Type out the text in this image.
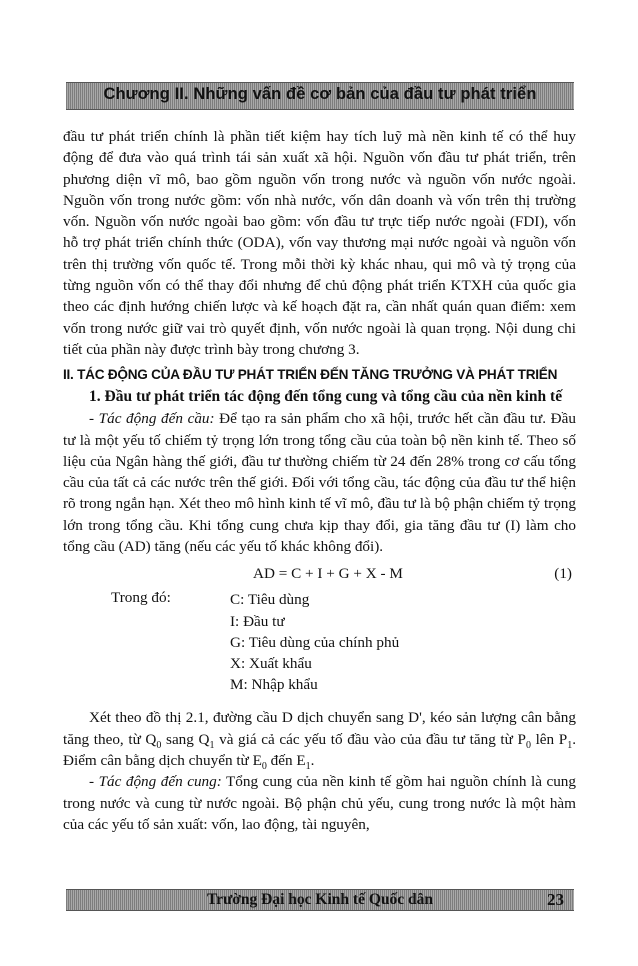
Chương II. Những vấn đề cơ bản của đầu tư phát triển

đầu tư phát triển chính là phần tiết kiệm hay tích luỹ mà nền kinh tế có thể huy động để đưa vào quá trình tái sản xuất xã hội. Nguồn vốn đầu tư phát triển, trên phương diện vĩ mô, bao gồm nguồn vốn trong nước và nguồn vốn nước ngoài. Nguồn vốn trong nước gồm: vốn nhà nước, vốn dân doanh và vốn trên thị trường vốn. Nguồn vốn nước ngoài bao gồm: vốn đầu tư trực tiếp nước ngoài (FDI), vốn hỗ trợ phát triển chính thức (ODA), vốn vay thương mại nước ngoài và nguồn vốn trên thị trường vốn quốc tế. Trong mỗi thời kỳ khác nhau, qui mô và tỷ trọng của từng nguồn vốn có thể thay đổi nhưng để chủ động phát triển KTXH của quốc gia theo các định hướng chiến lược và kế hoạch đặt ra, cần nhất quán quan điểm: xem vốn trong nước giữ vai trò quyết định, vốn nước ngoài là quan trọng. Nội dung chi tiết của phần này được trình bày trong chương 3.

II. TÁC ĐỘNG CỦA ĐẦU TƯ PHÁT TRIỂN ĐẾN TĂNG TRƯỞNG VÀ PHÁT TRIỂN

1. Đầu tư phát triển tác động đến tổng cung và tổng cầu của nền kinh tế

- Tác động đến cầu: Để tạo ra sản phẩm cho xã hội, trước hết cần đầu tư. Đầu tư là một yếu tố chiếm tỷ trọng lớn trong tổng cầu của toàn bộ nền kinh tế. Theo số liệu của Ngân hàng thế giới, đầu tư thường chiếm từ 24 đến 28% trong cơ cấu tổng cầu của tất cả các nước trên thế giới. Đối với tổng cầu, tác động của đầu tư thể hiện rõ trong ngắn hạn. Xét theo mô hình kinh tế vĩ mô, đầu tư là bộ phận chiếm tỷ trọng lớn trong tổng cầu. Khi tổng cung chưa kịp thay đổi, gia tăng đầu tư (I) làm cho tổng cầu (AD) tăng (nếu các yếu tố khác không đổi).

AD = C + I + G + X - M	(1)
Trong đó:	C: Tiêu dùng
I: Đầu tư
G: Tiêu dùng của chính phủ
X: Xuất khẩu
M: Nhập khẩu

Xét theo đồ thị 2.1, đường cầu D dịch chuyển sang D', kéo sản lượng cân bằng tăng theo, từ $Q_0$ sang $Q_1$ và giá cả các yếu tố đầu vào của đầu tư tăng từ $P_0$ lên $P_1$. Điểm cân bằng dịch chuyển từ $E_0$ đến $E_1$.

- Tác động đến cung: Tổng cung của nền kinh tế gồm hai nguồn chính là cung trong nước và cung từ nước ngoài. Bộ phận chủ yếu, cung trong nước là một hàm của các yếu tố sản xuất: vốn, lao động, tài nguyên,

Trường Đại học Kinh tế Quốc dân	23
